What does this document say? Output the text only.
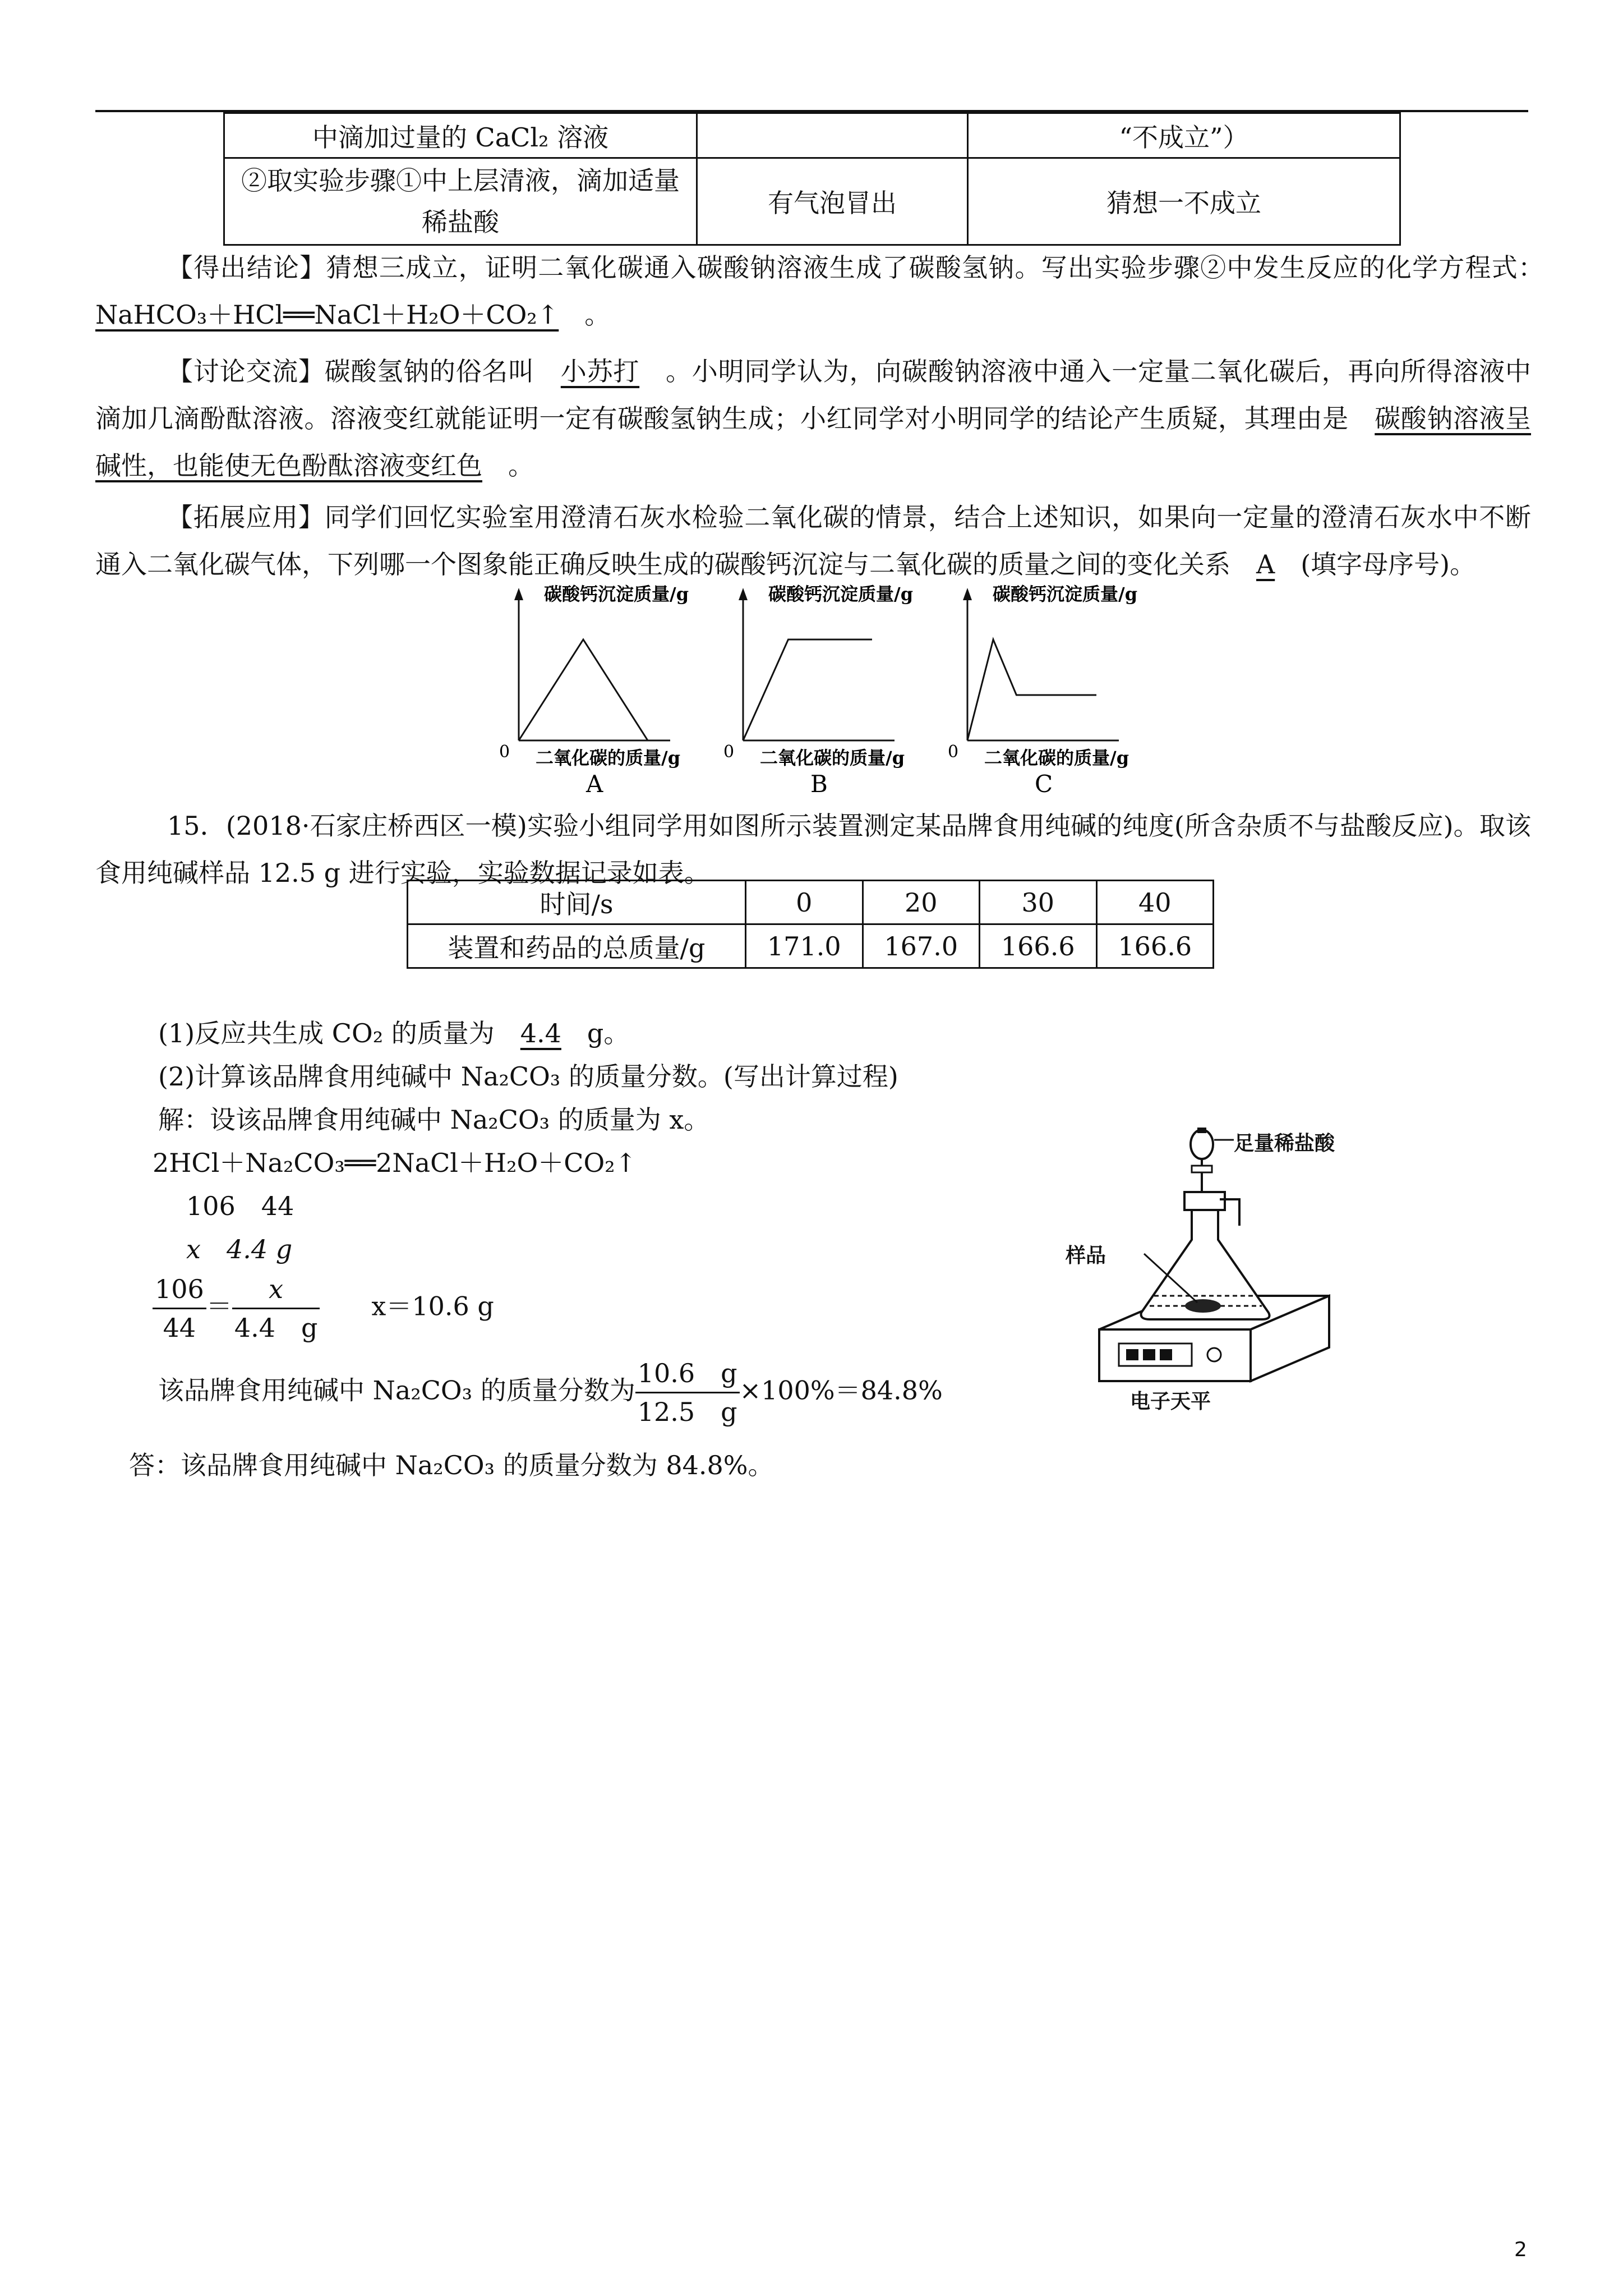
中滴加过量的 CaCl₂ 溶液		“不成立”）
②取实验步骤①中上层清液，滴加适量稀盐酸	有气泡冒出	猜想一不成立
【得出结论】猜想三成立，证明二氧化碳通入碳酸钠溶液生成了碳酸氢钠。写出实验步骤②中发生反应的化学方程式：　NaHCO₃＋HCl══NaCl＋H₂O＋CO₂↑　 。
【讨论交流】碳酸氢钠的俗名叫　 小苏打　 。小明同学认为，向碳酸钠溶液中通入一定量二氧化碳后，再向所得溶液中滴加几滴酚酞溶液。溶液变红就能证明一定有碳酸氢钠生成；小红同学对小明同学的结论产生质疑，其理由是　 碳酸钠溶液呈碱性，也能使无色酚酞溶液变红色　 。
【拓展应用】同学们回忆实验室用澄清石灰水检验二氧化碳的情景，结合上述知识，如果向一定量的澄清石灰水中不断通入二氧化碳气体，下列哪一个图象能正确反映生成的碳酸钙沉淀与二氧化碳的质量之间的变化关系　 A　 (填字母序号)。
碳酸钙沉淀质量/g
0 二氧化碳的质量/g
A
碳酸钙沉淀质量/g
0 二氧化碳的质量/g
B
碳酸钙沉淀质量/g
0 二氧化碳的质量/g
C
15．(2018·石家庄桥西区一模)实验小组同学用如图所示装置测定某品牌食用纯碱的纯度(所含杂质不与盐酸反应)。取该食用纯碱样品 12.5 g 进行实验，实验数据记录如表。
时间/s	0	20	30	40
装置和药品的总质量/g	171.0	167.0	166.6	166.6
(1)反应共生成 CO₂ 的质量为　 4.4　 g。
(2)计算该品牌食用纯碱中 Na₂CO₃ 的质量分数。(写出计算过程)
解：设该品牌食用纯碱中 Na₂CO₃ 的质量为 x。
2HCl＋Na₂CO₃══2NaCl＋H₂O＋CO₂↑
106　44
x　4.4 g
$\frac{106}{44} = \frac{x}{4.4 g}$
　　 x＝10.6 g
该品牌食用纯碱中 Na₂CO₃ 的质量分数为 $\frac{10.6 g}{12.5 g} \times 100\%=84.8\%$
答：该品牌食用纯碱中 Na₂CO₃ 的质量分数为 84.8%。
足量稀盐酸
样品
电子天平
2
